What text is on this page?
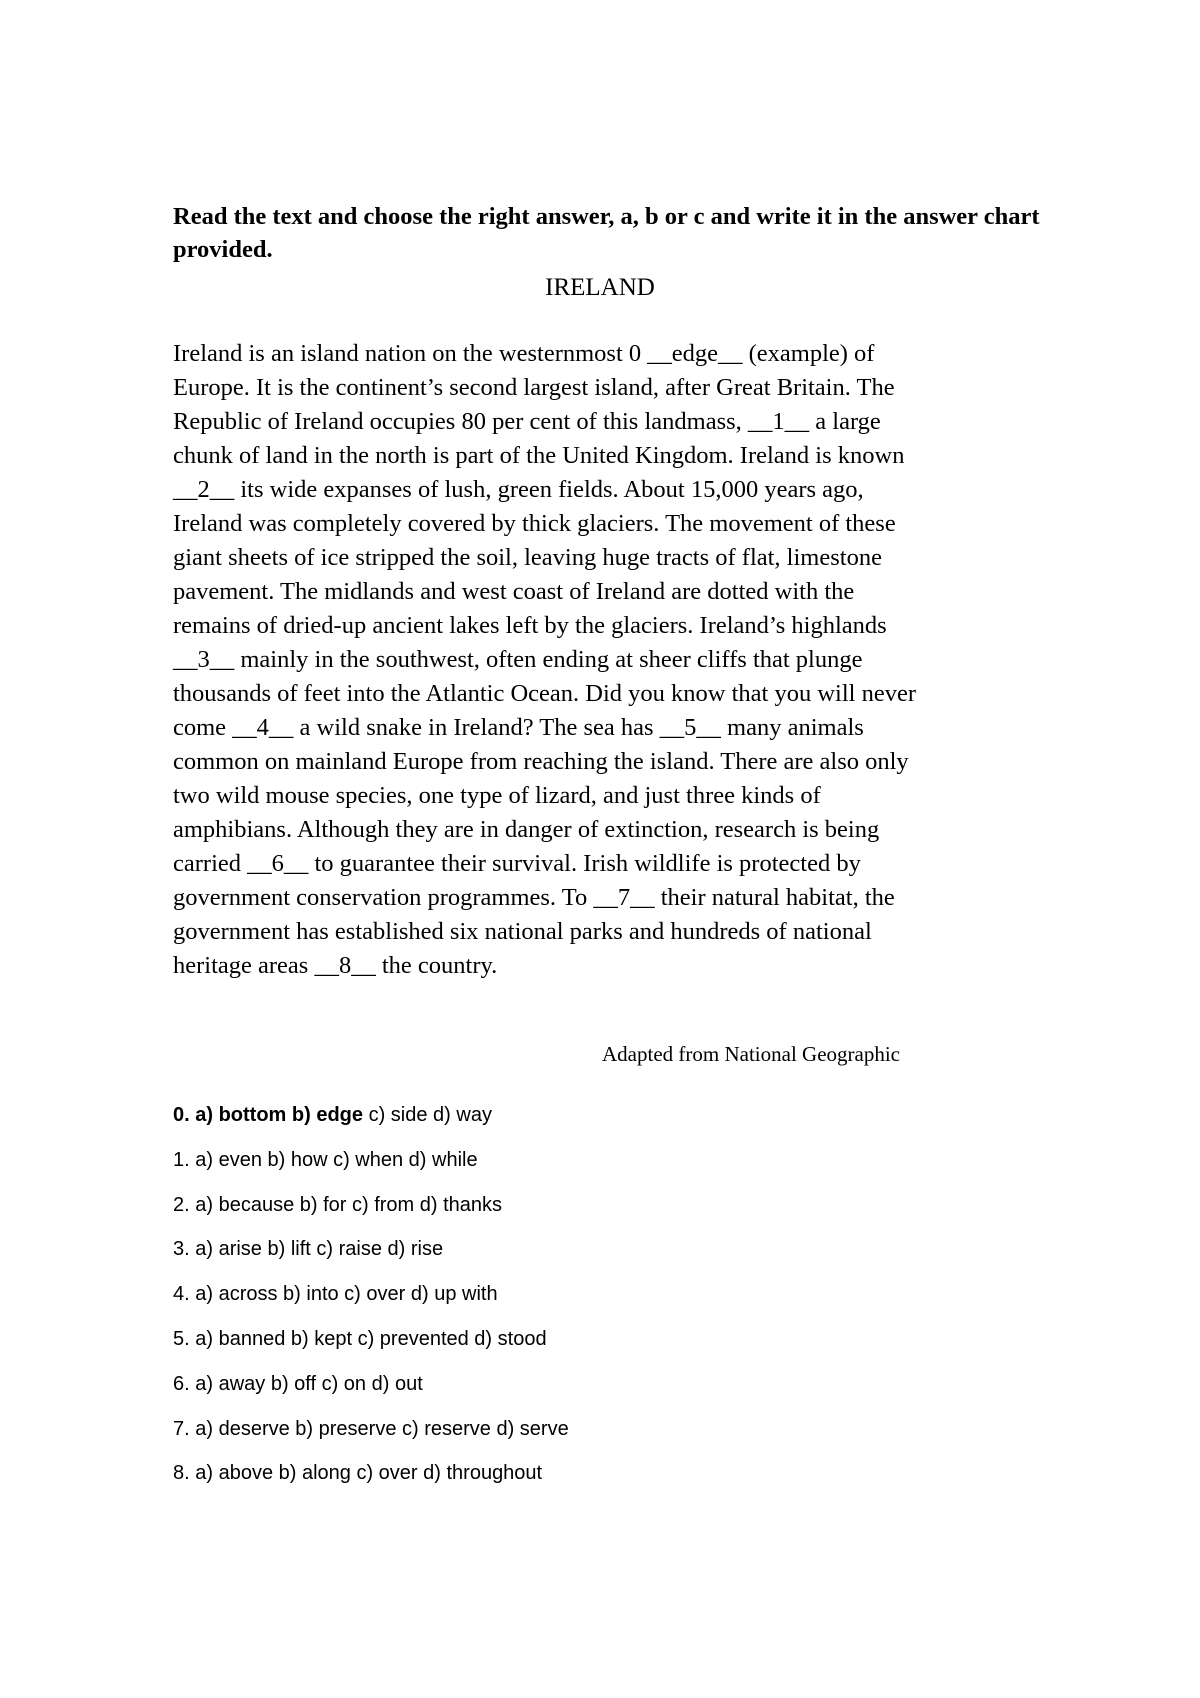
Read the text and choose the right answer, a, b or c and write it in the answer chart provided.

IRELAND
Ireland is an island nation on the westernmost 0 __edge__ (example) of
Europe. It is the continent’s second largest island, after Great Britain. The
Republic of Ireland occupies 80 per cent of this landmass, __1__ a large
chunk of land in the north is part of the United Kingdom. Ireland is known
__2__ its wide expanses of lush, green fields. About 15,000 years ago,
Ireland was completely covered by thick glaciers. The movement of these
giant sheets of ice stripped the soil, leaving huge tracts of flat, limestone
pavement. The midlands and west coast of Ireland are dotted with the
remains of dried-up ancient lakes left by the glaciers. Ireland’s highlands
__3__ mainly in the southwest, often ending at sheer cliffs that plunge
thousands of feet into the Atlantic Ocean. Did you know that you will never
come __4__ a wild snake in Ireland? The sea has __5__ many animals
common on mainland Europe from reaching the island. There are also only
two wild mouse species, one type of lizard, and just three kinds of
amphibians. Although they are in danger of extinction, research is being
carried __6__ to guarantee their survival. Irish wildlife is protected by
government conservation programmes. To __7__ their natural habitat, the
government has established six national parks and hundreds of national
heritage areas __8__ the country.

Adapted from National Geographic

0. a) bottom b) edge c) side d) way
1. a) even b) how c) when d) while
2. a) because b) for c) from d) thanks
3. a) arise b) lift c) raise d) rise
4. a) across b) into c) over d) up with
5. a) banned b) kept c) prevented d) stood
6. a) away b) off c) on d) out
7. a) deserve b) preserve c) reserve d) serve
8. a) above b) along c) over d) throughout
